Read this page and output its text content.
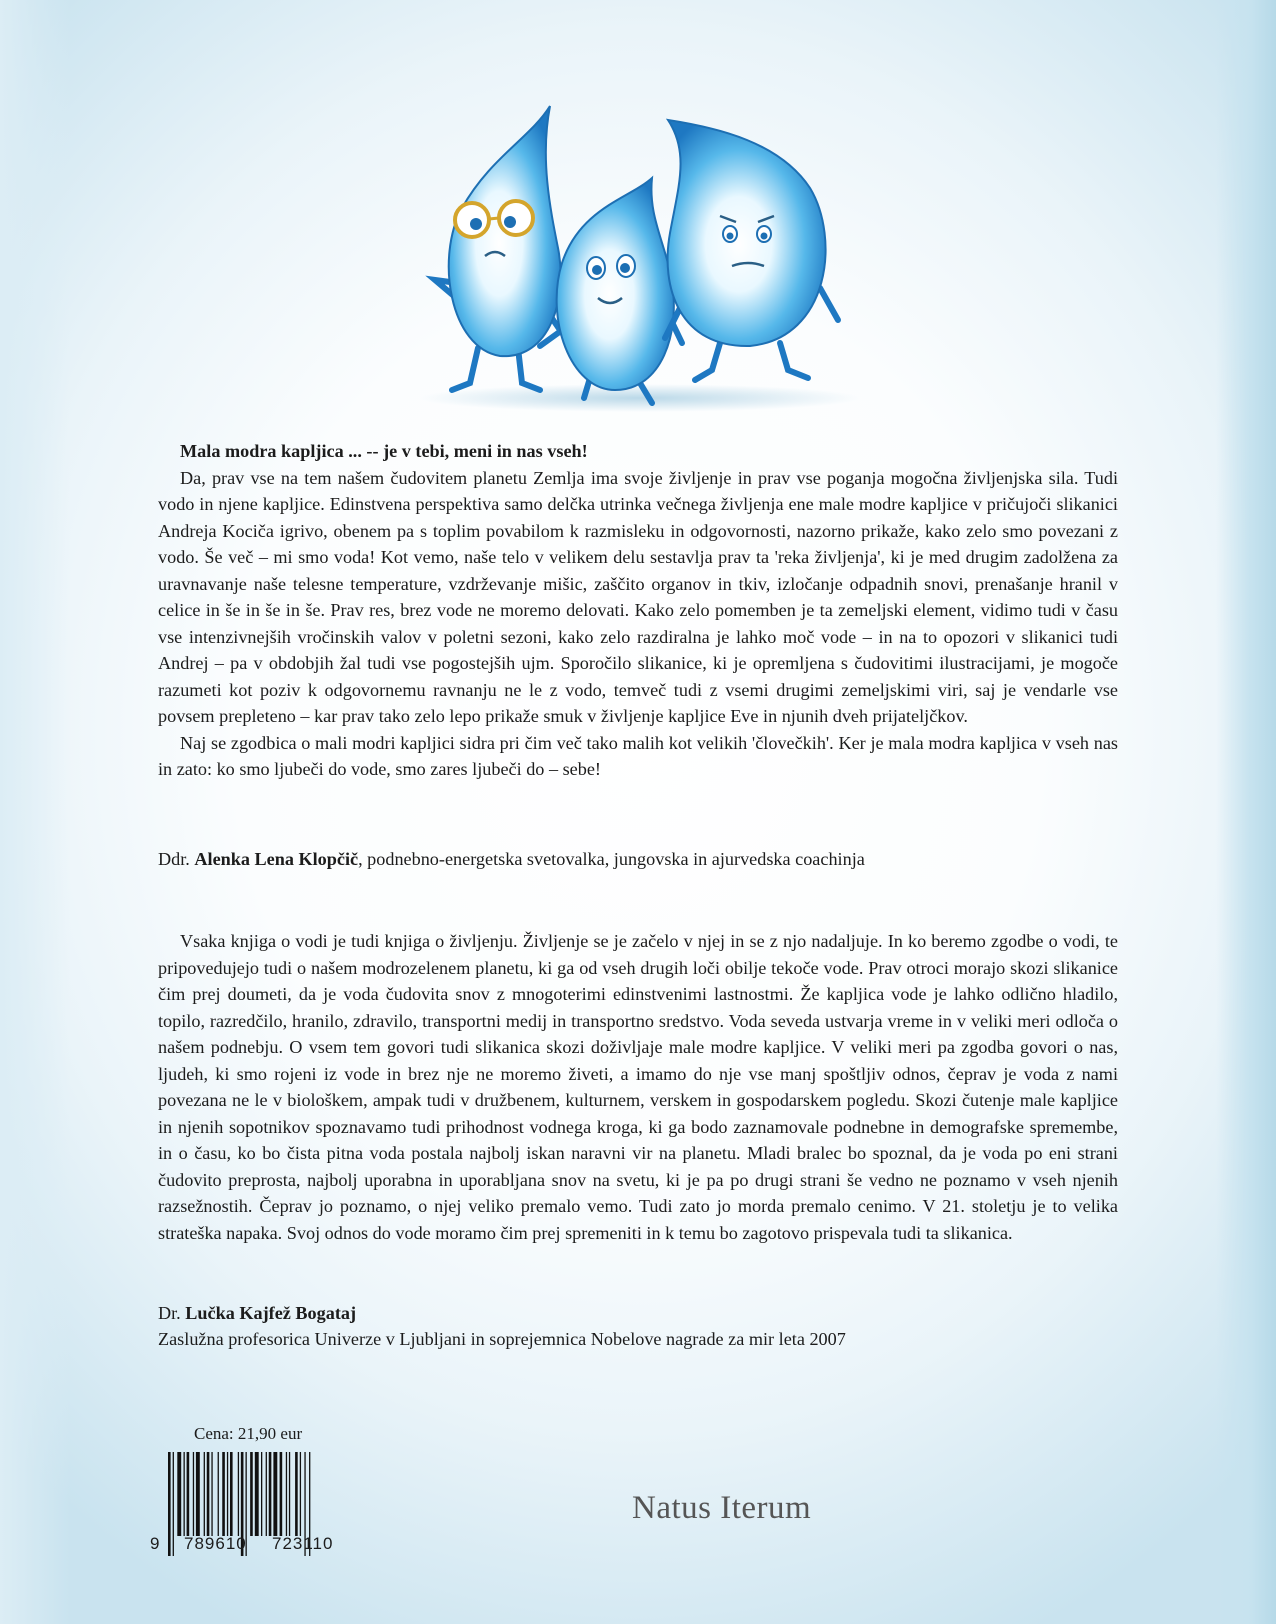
Mala modra kapljica ... -- je v tebi, meni in nas vseh!

Da, prav vse na tem našem čudovitem planetu Zemlja ima svoje življenje in prav vse poganja mogočna življenjska sila. Tudi vodo in njene kapljice. Edinstvena perspektiva samo delčka utrinka večnega življenja ene male modre kapljice v pričujoči slikanici Andreja Kociča igrivo, obenem pa s toplim povabilom k razmisleku in odgovornosti, nazorno prikaže, kako zelo smo povezani z vodo. Še več – mi smo voda! Kot vemo, naše telo v velikem delu sestavlja prav ta 'reka življenja', ki je med drugim zadolžena za uravnavanje naše telesne temperature, vzdrževanje mišic, zaščito organov in tkiv, izločanje odpadnih snovi, prenašanje hranil v celice in še in še in še. Prav res, brez vode ne moremo delovati. Kako zelo pomemben je ta zemeljski element, vidimo tudi v času vse intenzivnejših vročinskih valov v poletni sezoni, kako zelo razdiralna je lahko moč vode – in na to opozori v slikanici tudi Andrej – pa v obdobjih žal tudi vse pogostejših ujm. Sporočilo slikanice, ki je opremljena s čudovitimi ilustracijami, je mogoče razumeti kot poziv k odgovornemu ravnanju ne le z vodo, temveč tudi z vsemi drugimi zemeljskimi viri, saj je vendarle vse povsem prepleteno – kar prav tako zelo lepo prikaže smuk v življenje kapljice Eve in njunih dveh prijateljčkov.

Naj se zgodbica o mali modri kapljici sidra pri čim več tako malih kot velikih 'človečkih'. Ker je mala modra kapljica v vseh nas in zato: ko smo ljubeči do vode, smo zares ljubeči do – sebe!

Ddr. Alenka Lena Klopčič, podnebno-energetska svetovalka, jungovska in ajurvedska coachinja

Vsaka knjiga o vodi je tudi knjiga o življenju. Življenje se je začelo v njej in se z njo nadaljuje. In ko beremo zgodbe o vodi, te pripovedujejo tudi o našem modrozelenem planetu, ki ga od vseh drugih loči obilje tekoče vode. Prav otroci morajo skozi slikanice čim prej doumeti, da je voda čudovita snov z mnogoterimi edinstvenimi lastnostmi. Že kapljica vode je lahko odlično hladilo, topilo, razredčilo, hranilo, zdravilo, transportni medij in transportno sredstvo. Voda seveda ustvarja vreme in v veliki meri odloča o našem podnebju. O vsem tem govori tudi slikanica skozi doživljaje male modre kapljice. V veliki meri pa zgodba govori o nas, ljudeh, ki smo rojeni iz vode in brez nje ne moremo živeti, a imamo do nje vse manj spoštljiv odnos, čeprav je voda z nami povezana ne le v biološkem, ampak tudi v družbenem, kulturnem, verskem in gospodarskem pogledu. Skozi čutenje male kapljice in njenih sopotnikov spoznavamo tudi prihodnost vodnega kroga, ki ga bodo zaznamovale podnebne in demografske spremembe, in o času, ko bo čista pitna voda postala najbolj iskan naravni vir na planetu. Mladi bralec bo spoznal, da je voda po eni strani čudovito preprosta, najbolj uporabna in uporabljana snov na svetu, ki je pa po drugi strani še vedno ne poznamo v vseh njenih razsežnostih. Čeprav jo poznamo, o njej veliko premalo vemo. Tudi zato jo morda premalo cenimo. V 21. stoletju je to velika strateška napaka. Svoj odnos do vode moramo čim prej spremeniti in k temu bo zagotovo prispevala tudi ta slikanica.

Dr. Lučka Kajfež Bogataj
Zaslužna profesorica Univerze v Ljubljani in soprejemnica Nobelove nagrade za mir leta 2007
Cena: 21,90 eur
9 789610 723110
Natus Iterum
